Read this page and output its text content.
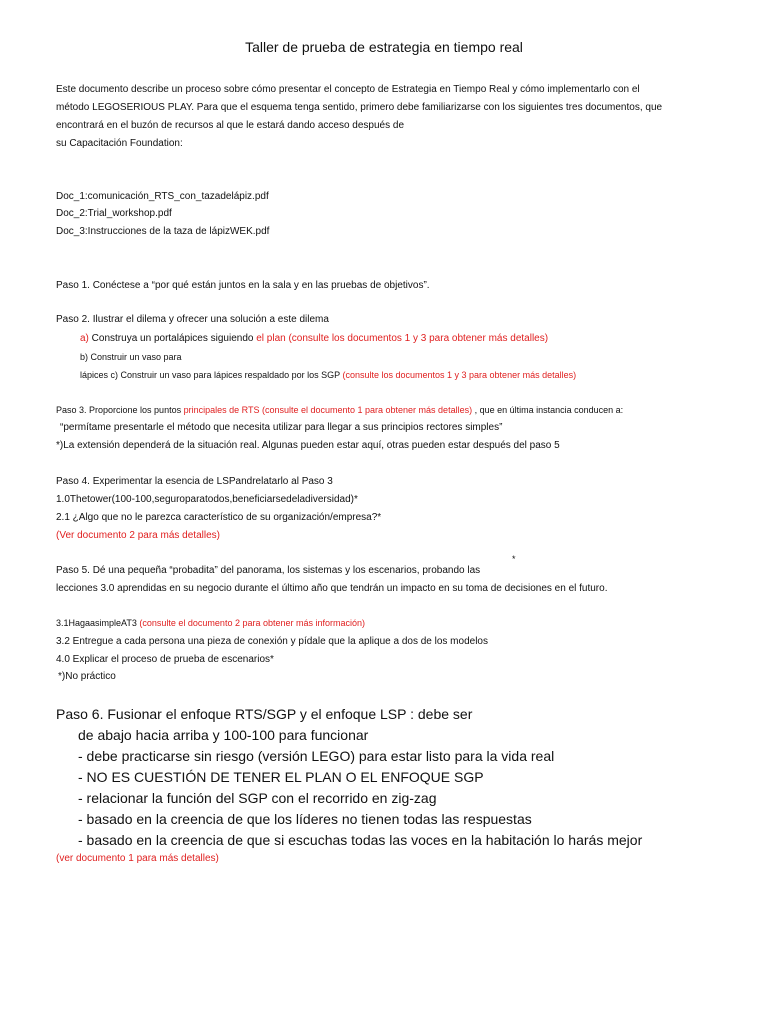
Taller de prueba de estrategia en tiempo real
Este documento describe un proceso sobre cómo presentar el concepto de Estrategia en Tiempo Real y cómo implementarlo con el
método LEGOSERIOUS PLAY. Para que el esquema tenga sentido, primero debe familiarizarse con los siguientes tres documentos, que
encontrará en el buzón de recursos al que le estará dando acceso después de
su Capacitación Foundation:
Doc_1:comunicación_RTS_con_tazadelápiz.pdf
Doc_2:Trial_workshop.pdf
Doc_3:Instrucciones de la taza de lápizWEK.pdf
Paso 1. Conéctese a “por qué están juntos en la sala y en las pruebas de objetivos”.
Paso 2. Ilustrar el dilema y ofrecer una solución a este dilema
a) Construya un portalápices siguiendo el plan (consulte los documentos 1 y 3 para obtener más detalles)
b) Construir un vaso para
lápices c) Construir un vaso para lápices respaldado por los SGP (consulte los documentos 1 y 3 para obtener más detalles)
Paso 3. Proporcione los puntos principales de RTS (consulte el documento 1 para obtener más detalles) , que en última instancia conducen a:
“permítame presentarle el método que necesita utilizar para llegar a sus principios rectores simples”
*)La extensión dependerá de la situación real. Algunas pueden estar aquí, otras pueden estar después del paso 5
Paso 4. Experimentar la esencia de LSPandrelatarlo al Paso 3
1.0Thetower(100-100,seguroparatodos,beneficiarsedeladiversidad)*
2.1 ¿Algo que no le parezca característico de su organización/empresa?*
(Ver documento 2 para más detalles)
*
Paso 5. Dé una pequeña “probadita” del panorama, los sistemas y los escenarios, probando las
lecciones 3.0 aprendidas en su negocio durante el último año que tendrán un impacto en su toma de decisiones en el futuro.
3.1HagaasimpleAT3 (consulte el documento 2 para obtener más información)
3.2 Entregue a cada persona una pieza de conexión y pídale que la aplique a dos de los modelos
4.0 Explicar el proceso de prueba de escenarios*
*)No práctico
Paso 6. Fusionar el enfoque RTS/SGP y el enfoque LSP : debe ser
de abajo hacia arriba y 100-100 para funcionar
- debe practicarse sin riesgo (versión LEGO) para estar listo para la vida real
- NO ES CUESTIÓN DE TENER EL PLAN O EL ENFOQUE SGP
- relacionar la función del SGP con el recorrido en zig-zag
- basado en la creencia de que los líderes no tienen todas las respuestas
- basado en la creencia de que si escuchas todas las voces en la habitación lo harás mejor
(ver documento 1 para más detalles)
